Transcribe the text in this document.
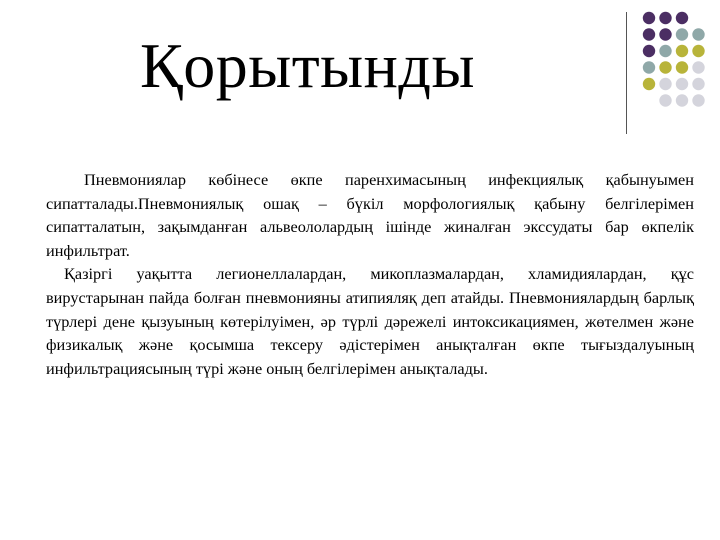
Қорытынды

Пневмониялар көбінесе өкпе паренхимасының инфекциялық қабынуымен сипатталады.Пневмониялық ошақ – бүкіл морфологиялық қабыну белгілерімен сипатталатын, зақымданған альвеололардың ішінде жиналған экссудаты бар өкпелік инфильтрат.

Қазіргі уақытта легионеллалардан, микоплазмалардан, хламидиялардан, құс вирустарынан пайда болған пневмонияны атипияляқ деп атайды. Пневмониялардың барлық түрлері дене қызуының көтерілуімен, әр түрлі дәрежелі интоксикациямен, жөтелмен және физикалық және қосымша тексеру әдістерімен анықталған өкпе тығыздалуының инфильтрациясының түрі және оның белгілерімен анықталады.
